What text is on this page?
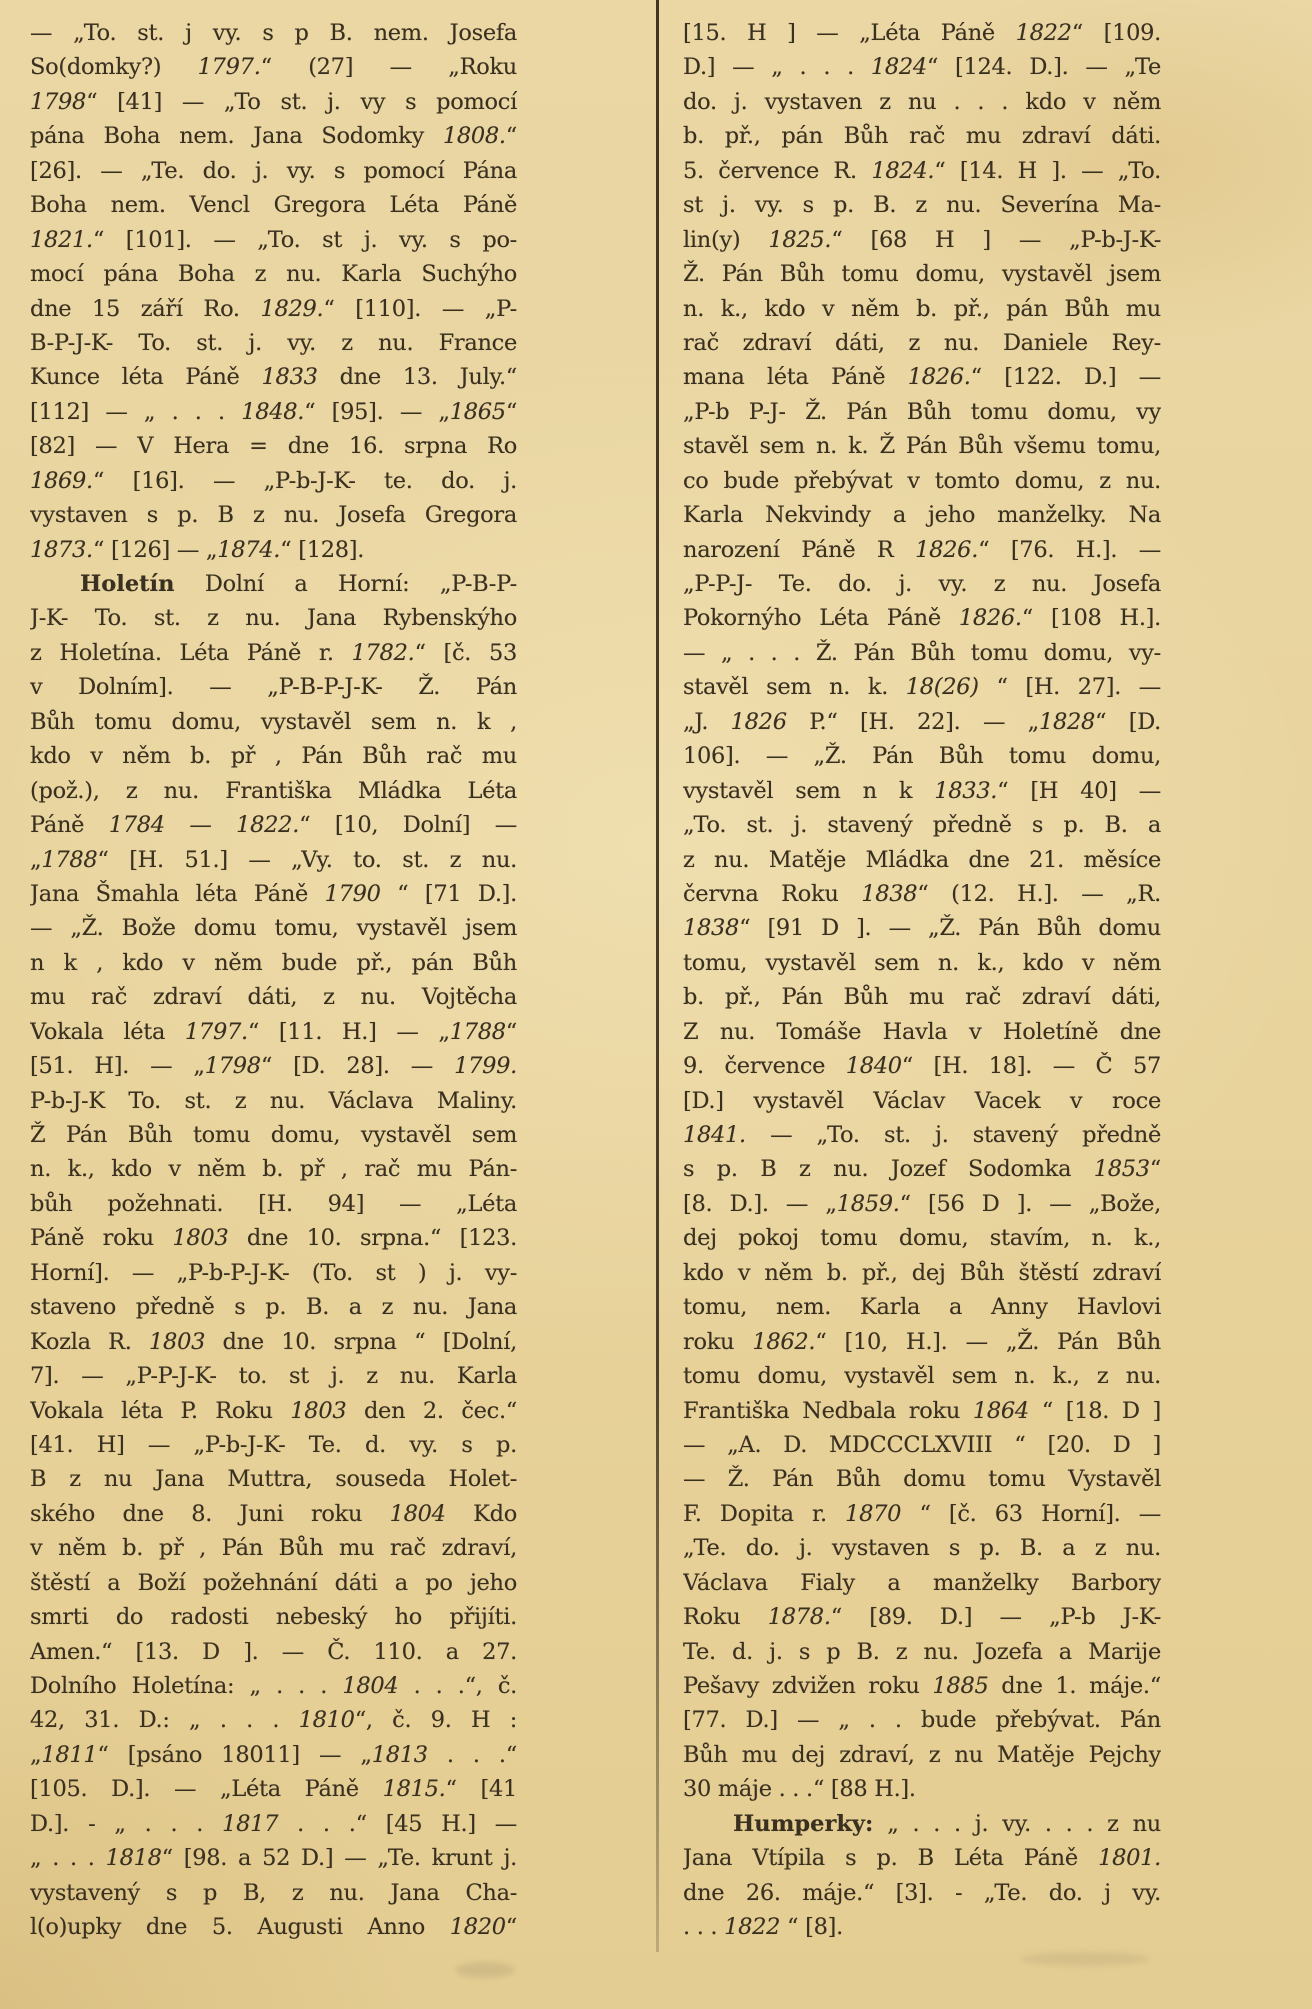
— „To. st. j vy. s p B. nem. Josefa
So(domky?) 1797.“ (27] — „Roku
1798“ [41] — „To st. j. vy s pomocí
pána Boha nem. Jana Sodomky 1808.“
[26]. — „Te. do. j. vy. s pomocí Pána
Boha nem. Vencl Gregora Léta Páně
1821.“ [101]. — „To. st j. vy. s po-
mocí pána Boha z nu. Karla Suchýho
dne 15 září Ro. 1829.“ [110]. — „P-
B-P-J-K- To. st. j. vy. z nu. France
Kunce léta Páně 1833 dne 13. July.“
[112] — „ . . . 1848.“ [95]. — „1865“
[82] — V Hera = dne 16. srpna Ro
1869.“ [16]. — „P-b-J-K- te. do. j.
vystaven s p. B z nu. Josefa Gregora
1873.“ [126] — „1874.“ [128].
Holetín Dolní a Horní: „P-B-P-
J-K- To. st. z nu. Jana Rybenskýho
z Holetína. Léta Páně r. 1782.“ [č. 53
v Dolním]. — „P-B-P-J-K- Ž. Pán
Bůh tomu domu, vystavěl sem n. k ,
kdo v něm b. př , Pán Bůh rač mu
(pož.), z nu. Františka Mládka Léta
Páně 1784 — 1822.“ [10, Dolní] —
„1788“ [H. 51.] — „Vy. to. st. z nu.
Jana Šmahla léta Páně 1790 “ [71 D.].
— „Ž. Bože domu tomu, vystavěl jsem
n k , kdo v něm bude př., pán Bůh
mu rač zdraví dáti, z nu. Vojtěcha
Vokala léta 1797.“ [11. H.] — „1788“
[51. H]. — „1798“ [D. 28]. — 1799.
P-b-J-K To. st. z nu. Václava Maliny.
Ž Pán Bůh tomu domu, vystavěl sem
n. k., kdo v něm b. př , rač mu Pán-
bůh požehnati. [H. 94] — „Léta
Páně roku 1803 dne 10. srpna.“ [123.
Horní]. — „P-b-P-J-K- (To. st ) j. vy-
staveno předně s p. B. a z nu. Jana
Kozla R. 1803 dne 10. srpna “ [Dolní,
7]. — „P-P-J-K- to. st j. z nu. Karla
Vokala léta P. Roku 1803 den 2. čec.“
[41. H] — „P-b-J-K- Te. d. vy. s p.
B z nu Jana Muttra, souseda Holet-
ského dne 8. Juni roku 1804 Kdo
v něm b. př , Pán Bůh mu rač zdraví,
štěstí a Boží požehnání dáti a po jeho
smrti do radosti nebeský ho přijíti.
Amen.“ [13. D ]. — Č. 110. a 27.
Dolního Holetína: „ . . . 1804 . . .“, č.
42, 31. D.: „ . . . 1810“, č. 9. H :
„1811“ [psáno 18011] — „1813 . . .“
[105. D.]. — „Léta Páně 1815.“ [41
D.]. - „ . . . 1817 . . .“ [45 H.] —
„ . . . 1818“ [98. a 52 D.] — „Te. krunt j.
vystavený s p B, z nu. Jana Cha-
l(o)upky dne 5. Augusti Anno 1820“
[15. H ] — „Léta Páně 1822“ [109.
D.] — „ . . . 1824“ [124. D.]. — „Te
do. j. vystaven z nu . . . kdo v něm
b. př., pán Bůh rač mu zdraví dáti.
5. července R. 1824.“ [14. H ]. — „To.
st j. vy. s p. B. z nu. Severína Ma-
lin(y) 1825.“ [68 H ] — „P-b-J-K-
Ž. Pán Bůh tomu domu, vystavěl jsem
n. k., kdo v něm b. př., pán Bůh mu
rač zdraví dáti, z nu. Daniele Rey-
mana léta Páně 1826.“ [122. D.] —
„P-b P-J- Ž. Pán Bůh tomu domu, vy
stavěl sem n. k. Ž Pán Bůh všemu tomu,
co bude přebývat v tomto domu, z nu.
Karla Nekvindy a jeho manželky. Na
narození Páně R 1826.“ [76. H.]. —
„P-P-J- Te. do. j. vy. z nu. Josefa
Pokornýho Léta Páně 1826.“ [108 H.].
— „ . . . Ž. Pán Bůh tomu domu, vy-
stavěl sem n. k. 18(26) “ [H. 27]. —
„J. 1826 P.“ [H. 22]. — „1828“ [D.
106]. — „Ž. Pán Bůh tomu domu,
vystavěl sem n k 1833.“ [H 40] —
„To. st. j. stavený předně s p. B. a
z nu. Matěje Mládka dne 21. měsíce
června Roku 1838“ (12. H.]. — „R.
1838“ [91 D ]. — „Ž. Pán Bůh domu
tomu, vystavěl sem n. k., kdo v něm
b. př., Pán Bůh mu rač zdraví dáti,
Z nu. Tomáše Havla v Holetíně dne
9. července 1840“ [H. 18]. — Č 57
[D.] vystavěl Václav Vacek v roce
1841. — „To. st. j. stavený předně
s p. B z nu. Jozef Sodomka 1853“
[8. D.]. — „1859.“ [56 D ]. — „Bože,
dej pokoj tomu domu, stavím, n. k.,
kdo v něm b. př., dej Bůh štěstí zdraví
tomu, nem. Karla a Anny Havlovi
roku 1862.“ [10, H.]. — „Ž. Pán Bůh
tomu domu, vystavěl sem n. k., z nu.
Františka Nedbala roku 1864 “ [18. D ]
— „A. D. MDCCCLXVIII “ [20. D ]
— Ž. Pán Bůh domu tomu Vystavěl
F. Dopita r. 1870 “ [č. 63 Horní]. —
„Te. do. j. vystaven s p. B. a z nu.
Václava Fialy a manželky Barbory
Roku 1878.“ [89. D.] — „P-b J-K-
Te. d. j. s p B. z nu. Jozefa a Marije
Pešavy zdvižen roku 1885 dne 1. máje.“
[77. D.] — „ . . bude přebývat. Pán
Bůh mu dej zdraví, z nu Matěje Pejchy
30 máje . . .“ [88 H.].
Humperky: „ . . . j. vy. . . . z nu
Jana Vtípila s p. B Léta Páně 1801.
dne 26. máje.“ [3]. - „Te. do. j vy.
. . . 1822 “ [8].
